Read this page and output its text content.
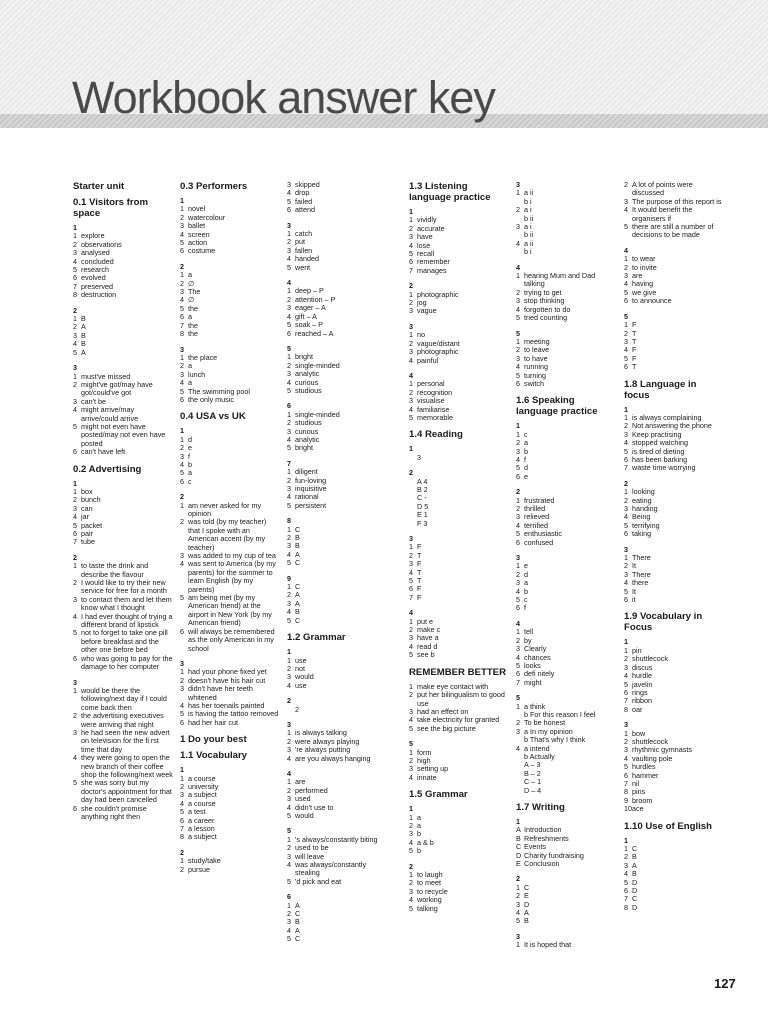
Workbook answer key
Starter unit
0.1 Visitors from space
1
1 explore
2 observations
3 analysed
4 concluded
5 research
6 evolved
7 preserved
8 destruction
2
1 B
2 A
3 B
4 B
5 A
3
1 must've missed
2 might've got/may have got/could've got
3 can't be
4 might arrive/may arrive/could arrive
5 might not even have posted/may not even have posted
6 can't have left
0.2 Advertising
1
1 box
2 bunch
3 can
4 jar
5 packet
6 pair
7 tube
2
1 to taste the drink and describe the flavour
2 I would like to try their new service for free for a month
3 to contact them and let them know what I thought
4 I had ever thought of trying a different brand of lipstick
5 not to forget to take one pill before breakfast and the other one before bed
6 who was going to pay for the damage to her computer
3
1 would be there the following/next day if I could come back then
2 the advertising executives were arriving that night
3 he had seen the new advert on television for the fi rst time that day
4 they were going to open the new branch of their coffee shop the following/next week
5 she was sorry but my doctor's appointment for that day had been cancelled
6 she couldn't promise anything right then
0.3 Performers
1
1 novel
2 watercolour
3 ballet
4 screen
5 action
6 costume
2
1 a
2 ∅
3 The
4 ∅
5 the
6 a
7 the
8 the
3
1 the place
2 a
3 lunch
4 a
5 The swimming pool
6 the only music
0.4 USA vs UK
1
1 d
2 e
3 f
4 b
5 a
6 c
2
1 am never asked for my opinion
2 was told (by my teacher) that I spoke with an American accent (by my teacher)
3 was added to my cup of tea
4 was sent to America (by my parents) for the summer to learn English (by my parents)
5 am being met (by my American friend) at the airport in New York (by my American friend)
6 will always be remembered as the only American in my school
3
1 had your phone fixed yet
2 doesn't have his hair cut
3 didn't have her teeth whitened
4 has her toenails painted
5 is having the tattoo removed
6 had her hair cut
1 Do your best
1.1 Vocabulary
1
1 a course
2 university
3 a subject
4 a course
5 a test
6 a career
7 a lesson
8 a subject
2
1 study/take
2 pursue
3 skipped
4 drop
5 failed
6 attend
3
1 catch
2 put
3 fallen
4 handed
5 went
4
1 deep – P
2 attention – P
3 eager – A
4 gift – A
5 soak – P
6 reached – A
5
1 bright
2 single-minded
3 analytic
4 curious
5 studious
6
1 single-minded
2 studious
3 curious
4 analytic
5 bright
7
1 diligent
2 fun-loving
3 inquisitive
4 rational
5 persistent
8
1 C
2 B
3 B
4 A
5 C
9
1 C
2 A
3 A
4 B
5 C
1.2 Grammar
1
1 use
2 not
3 would
4 use
2
2
3
1 is always talking
2 were always playing
3 're always putting
4 are you always hanging
4
1 are
2 performed
3 used
4 didn't use to
5 would
5
1 's always/constantly biting
2 used to be
3 will leave
4 was always/constantly stealing
5 'd pick and eat
6
1 A
2 C
3 B
4 A
5 C
1.3 Listening language practice
1
1 vividly
2 accurate
3 have
4 lose
5 recall
6 remember
7 manages
2
1 photographic
2 jog
3 vague
3
1 no
2 vague/distant
3 photographic
4 painful
4
1 personal
2 recognition
3 visualise
4 familiarise
5 memorable
1.4 Reading
1
3
2
A 4
B 2
C -
D 5
E 1
F 3
3
1 F
2 T
3 F
4 T
5 T
6 F
7 F
4
1 put e
2 make c
3 have a
4 read d
5 see b
REMEMBER BETTER
1 make eye contact with
2 put her bilingualism to good use
3 had an effect on
4 take electricity for granted
5 see the big picture
5
1 form
2 high
3 setting up
4 innate
1.5 Grammar
1
1 a
2 a
3 b
4 a & b
5 b
2
1 to laugh
2 to meet
3 to recycle
4 working
5 talking
3
1 a ii
b i
2 a i
b ii
3 a i
b ii
4 a ii
b i
4
1 hearing Mum and Dad talking
2 trying to get
3 stop thinking
4 forgotten to do
5 tried counting
5
1 meeting
2 to leave
3 to have
4 running
5 turning
6 switch
1.6 Speaking language practice
1
1 c
2 a
3 b
4 f
5 d
6 e
2
1 frustrated
2 thrilled
3 relieved
4 terrified
5 enthusiastic
6 confused
3
1 e
2 d
3 a
4 b
5 c
6 f
4
1 tell
2 by
3 Clearly
4 chances
5 looks
6 defi nitely
7 might
5
1 a think
b For this reason I feel
2 To be honest
3 a In my opinion
b That's why I think
4 a intend
b Actually
A – 3
B – 2
C – 1
D – 4
1.7 Writing
1
A Introduction
B Refreshments
C Events
D Charity fundraising
E Conclusion
2
1 C
2 E
3 D
4 A
5 B
3
1 It is hoped that
2 A lot of points were discussed
3 The purpose of this report is
4 It would benefit the organisers if
5 there are still a number of decisions to be made
4
1 to wear
2 to invite
3 are
4 having
5 we give
6 to announce
5
1 F
2 T
3 T
4 F
5 F
6 T
1.8 Language in focus
1
1 is always complaining
2 Not answering the phone
3 Keep practising
4 stopped watching
5 is tired of dieting
6 has been barking
7 waste time worrying
2
1 looking
2 eating
3 handing
4 Being
5 terrifying
6 taking
3
1 There
2 It
3 There
4 there
5 It
6 it
1.9 Vocabulary in Focus
1
1 pin
2 shuttlecock
3 discus
4 hurdle
5 javelin
6 rings
7 ribbon
8 oar
3
1 bow
2 shuttlecock
3 rhythmic gymnasts
4 vaulting pole
5 hurdles
6 hammer
7 nil
8 pins
9 broom
10 ace
1.10 Use of English
1
1 C
2 B
3 A
4 B
5 D
6 D
7 C
8 D
127
